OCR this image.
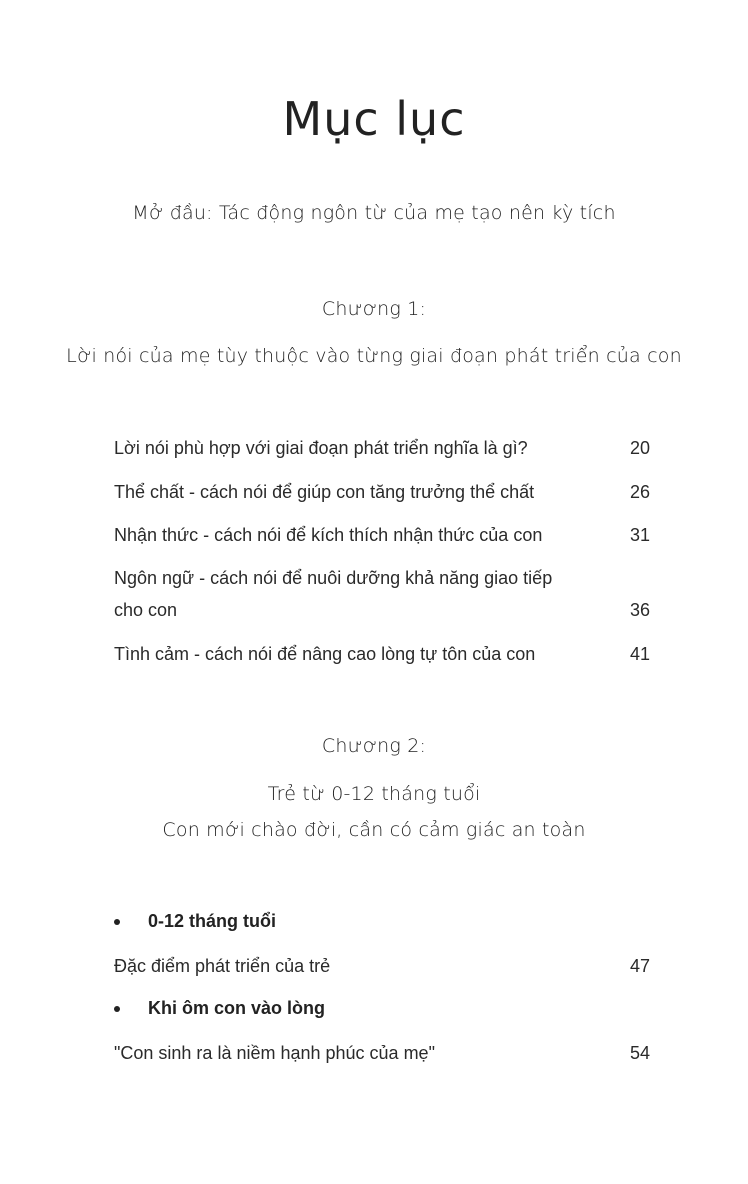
Mục lục
Mở đầu: Tác động ngôn từ của mẹ tạo nên kỳ tích
Chương 1:
Lời nói của mẹ tùy thuộc vào từng giai đoạn phát triển của con
Lời nói phù hợp với giai đoạn phát triển nghĩa là gì?	20
Thể chất - cách nói để giúp con tăng trưởng thể chất	26
Nhận thức - cách nói để kích thích nhận thức của con	31
Ngôn ngữ - cách nói để nuôi dưỡng khả năng giao tiếp
cho con	36
Tình cảm - cách nói để nâng cao lòng tự tôn của con	41
Chương 2:
Trẻ từ 0-12 tháng tuổi
Con mới chào đời, cần có cảm giác an toàn
0-12 tháng tuổi
Đặc điểm phát triển của trẻ	47
Khi ôm con vào lòng
"Con sinh ra là niềm hạnh phúc của mẹ"	54
